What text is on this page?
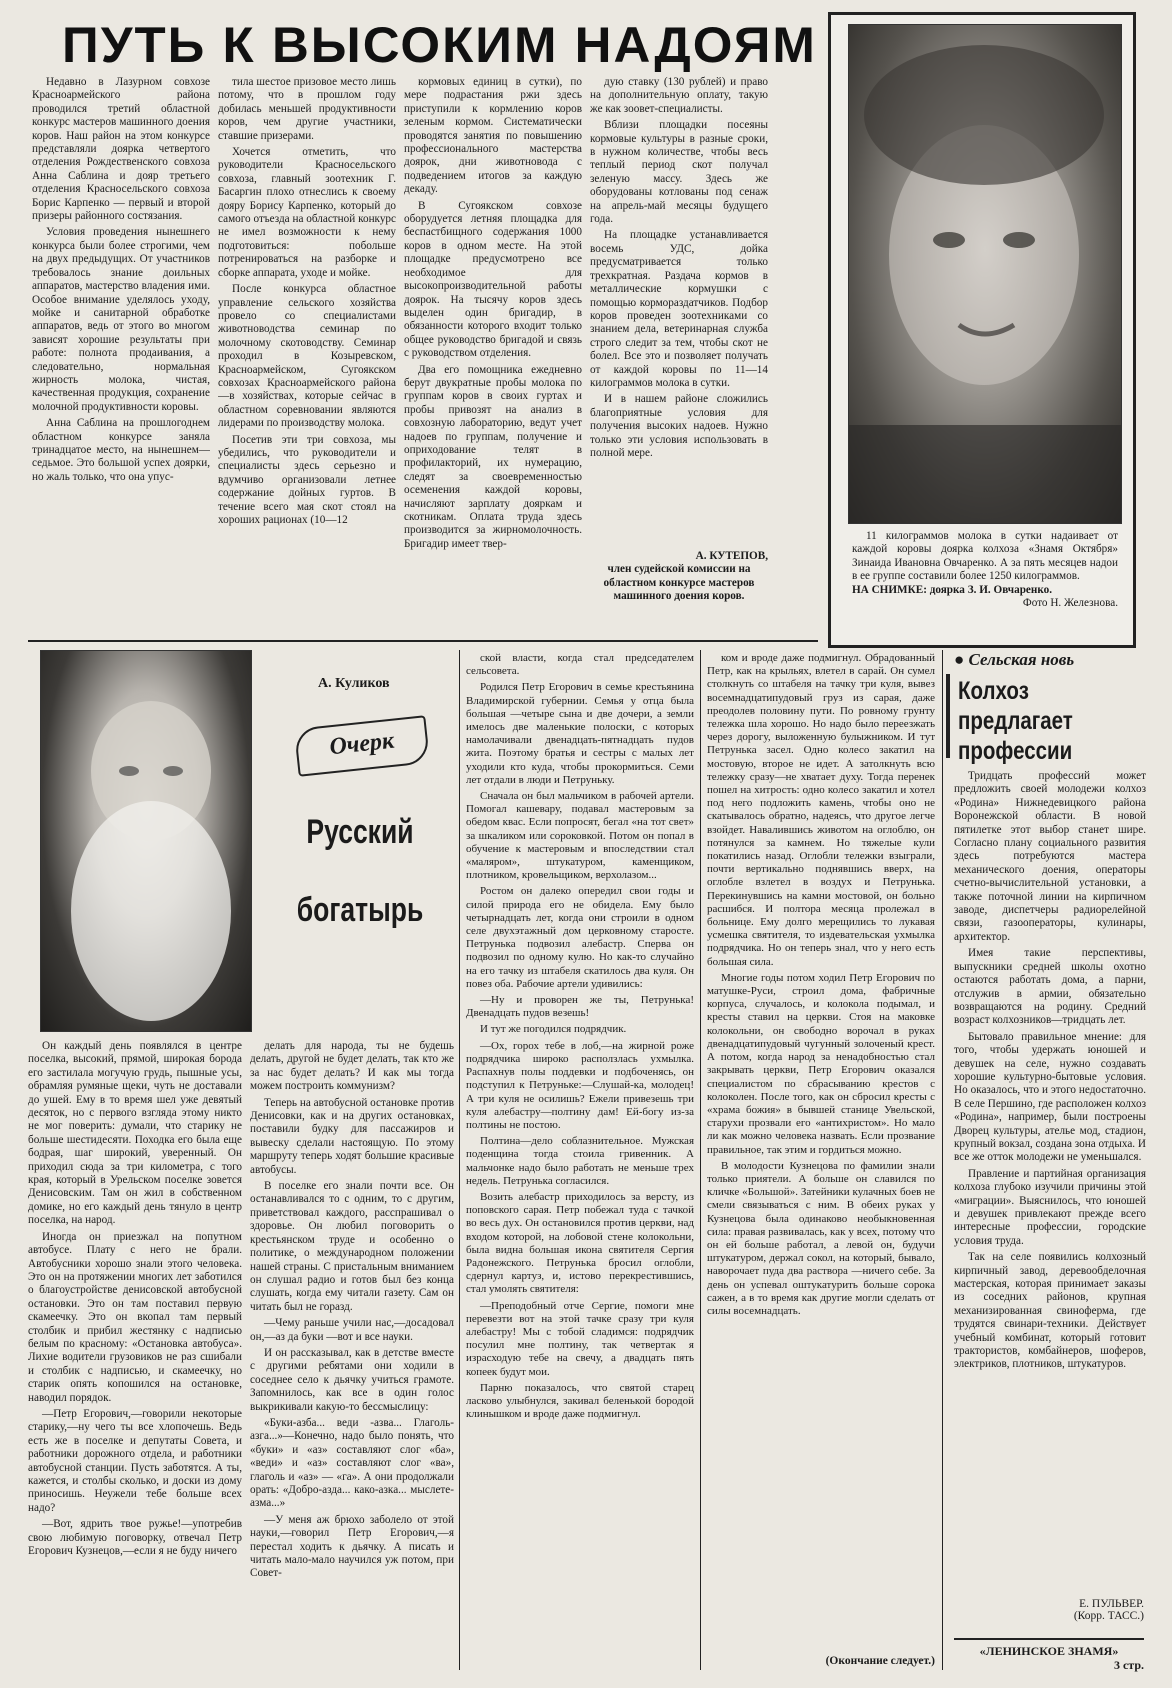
ПУТЬ К ВЫСОКИМ НАДОЯМ

Недавно в Лазурном совхозе Красноармейского района проводился третий областной конкурс мастеров машинного доения коров. Наш район на этом конкурсе представляли доярка четвертого отделения Рождественского совхоза Анна Саблина и дояр третьего отделения Красносельского совхоза Борис Карпенко — первый и второй призеры районного состязания.

Условия проведения нынешнего конкурса были более строгими, чем на двух предыдущих. От участников требовалось знание доильных аппаратов, мастерство владения ими. Особое внимание уделялось уходу, мойке и санитарной обработке аппаратов, ведь от этого во многом зависят хорошие результаты при работе: полнота продаивания, а следовательно, нормальная жирность молока, чистая, качественная продукция, сохранение молочной продуктивности коровы.

Анна Саблина на прошлогоднем областном конкурсе заняла тринадцатое место, на нынешнем—седьмое. Это большой успех доярки, но жаль только, что она упус-

тила шестое призовое место лишь потому, что в прошлом году добилась меньшей продуктивности коров, чем другие участники, ставшие призерами.

Хочется отметить, что руководители Красносельского совхоза, главный зоотехник Г. Басаргин плохо отнеслись к своему дояру Борису Карпенко, который до самого отъезда на областной конкурс не имел возможности к нему подготовиться: побольше потренироваться на разборке и сборке аппарата, уходе и мойке.

После конкурса областное управление сельского хозяйства провело со специалистами животноводства семинар по молочному скотоводству. Семинар проходил в Козыревском, Красноармейском, Сугоякском совхозах Красноармейского района—в хозяйствах, которые сейчас в областном соревновании являются лидерами по производству молока.

Посетив эти три совхоза, мы убедились, что руководители и специалисты здесь серьезно и вдумчиво организовали летнее содержание дойных гуртов. В течение всего мая скот стоял на хороших рационах (10—12

кормовых единиц в сутки), по мере подрастания ржи здесь приступили к кормлению коров зеленым кормом. Систематически проводятся занятия по повышению профессионального мастерства доярок, дни животновода с подведением итогов за каждую декаду.

В Сугоякском совхозе оборудуется летняя площадка для беспастбищного содержания 1000 коров в одном месте. На этой площадке предусмотрено все необходимое для высокопроизводительной работы доярок. На тысячу коров здесь выделен один бригадир, в обязанности которого входит только общее руководство бригадой и связь с руководством отделения.

Два его помощника ежедневно берут двукратные пробы молока по группам коров в своих гуртах и пробы привозят на анализ в совхозную лабораторию, ведут учет надоев по группам, получение и оприходование телят в профилакторий, их нумерацию, следят за своевременностью осеменения каждой коровы, начисляют зарплату дояркам и скотникам. Оплата труда здесь производится за жирномолочность. Бригадир имеет твер-

дую ставку (130 рублей) и право на дополнительную оплату, такую же как зоовет-специалисты.

Вблизи площадки посеяны кормовые культуры в разные сроки, в нужном количестве, чтобы весь теплый период скот получал зеленую массу. Здесь же оборудованы котлованы под сенаж на апрель-май месяцы будущего года.

На площадке устанавливается восемь УДС, дойка предусматривается только трехкратная. Раздача кормов в металлические кормушки с помощью кормораздатчиков. Подбор коров проведен зоотехниками со знанием дела, ветеринарная служба строго следит за тем, чтобы скот не болел. Все это и позволяет получать от каждой коровы по 11—14 килограммов молока в сутки.

И в нашем районе сложились благоприятные условия для получения высоких надоев. Нужно только эти условия использовать в полной мере.

А. КУТЕПОВ,
член судейской комиссии на областном конкурсе мастеров машинного доения коров.

11 килограммов молока в сутки надаивает от каждой коровы доярка колхоза «Знамя Октября» Зинаида Ивановна Овчаренко. А за пять месяцев надои в ее группе составили более 1250 килограммов.

НА СНИМКЕ: доярка З. И. Овчаренко.
Фото Н. Железнова.
А. Куликов
Очерк
Русский
богатырь

Он каждый день появлялся в центре поселка, высокий, прямой, широкая борода его застилала могучую грудь, пышные усы, обрамляя румяные щеки, чуть не доставали до ушей. Ему в то время шел уже девятый десяток, но с первого взгляда этому никто не мог поверить: думали, что старику не больше шестидесяти. Походка его была еще бодрая, шаг широкий, уверенный. Он приходил сюда за три километра, с того края, который в Урельском поселке зовется Денисовским. Там он жил в собственном домике, но его каждый день тянуло в центр поселка, на народ.

Иногда он приезжал на попутном автобусе. Плату с него не брали. Автобусники хорошо знали этого человека. Это он на протяжении многих лет заботился о благоустройстве денисовской автобусной остановки. Это он там поставил первую скамеечку. Это он вкопал там первый столбик и прибил жестянку с надписью белым по красному: «Остановка автобуса». Лихие водители грузовиков не раз сшибали и столбик с надписью, и скамеечку, но старик опять копошился на остановке, наводил порядок.

—Петр Егорович,—говорили некоторые старику,—ну чего ты все хлопочешь. Ведь есть же в поселке и депутаты Совета, и работники дорожного отдела, и работники автобусной станции. Пусть заботятся. А ты, кажется, и столбы сколько, и доски из дому приносишь. Неужели тебе больше всех надо?

—Вот, ядрить твое ружье!—употребив свою любимую поговорку, отвечал Петр Егорович Кузнецов,—если я не буду ничего

делать для народа, ты не будешь делать, другой не будет делать, так кто же за нас будет делать? И как мы тогда можем построить коммунизм?

Теперь на автобусной остановке против Денисовки, как и на других остановках, поставили будку для пассажиров и вывеску сделали настоящую. По этому маршруту теперь ходят большие красивые автобусы.

В поселке его знали почти все. Он останавливался то с одним, то с другим, приветствовал каждого, расспрашивал о здоровье. Он любил поговорить о крестьянском труде и особенно о политике, о международном положении нашей страны. С пристальным вниманием он слушал радио и готов был без конца слушать, когда ему читали газету. Сам он читать был не горазд.

—Чему раньше учили нас,—досадовал он,—аз да буки —вот и все науки.

И он рассказывал, как в детстве вместе с другими ребятами они ходили в соседнее село к дьячку учиться грамоте. Запомнилось, как все в один голос выкрикивали какую-то бессмыслицу:

«Буки-азба... веди -азва... Глаголь-азга...»—Конечно, надо было понять, что «буки» и «аз» составляют слог «ба», «веди» и «аз» составляют слог «ва», глаголь и «аз» — «га». А они продолжали орать: «Добро-азда... како-азка... мыслете-азма...»

—У меня аж брюхо заболело от этой науки,—говорил Петр Егорович,—я перестал ходить к дьячку. А писать и читать мало-мало научился уж потом, при Совет-

ской власти, когда стал председателем сельсовета.

Родился Петр Егорович в семье крестьянина Владимирской губернии. Семья у отца была большая —четыре сына и две дочери, а земли имелось две маленькие полоски, с которых намолачивали двенадцать-пятнадцать пудов жита. Поэтому братья и сестры с малых лет уходили кто куда, чтобы прокормиться. Семи лет отдали в люди и Петруньку.

Сначала он был мальчиком в рабочей артели. Помогал кашевару, подавал мастеровым за обедом квас. Если попросят, бегал «на тот свет» за шкаликом или сороковкой. Потом он попал в обучение к мастеровым и впоследствии стал «маляром», штукатуром, каменщиком, плотником, кровельщиком, верхолазом...

Ростом он далеко опередил свои годы и силой природа его не обидела. Ему было четырнадцать лет, когда они строили в одном селе двухэтажный дом церковному старосте. Петрунька подвозил алебастр. Сперва он подвозил по одному кулю. Но как-то случайно на его тачку из штабеля скатилось два куля. Он повез оба. Рабочие артели удивились:

—Ну и проворен же ты, Петрунька! Двенадцать пудов везешь!

И тут же погодился подрядчик.

—Ох, горох тебе в лоб,—на жирной роже подрядчика широко расползлась ухмылка. Распахнув полы поддевки и подбоченясь, он подступил к Петруньке:—Слушай-ка, молодец! А три куля не осилишь? Ежели привезешь три куля алебастру—полтину дам! Ей-богу из-за полтины не постою.

Полтина—дело соблазнительное. Мужская поденщина тогда стоила гривенник. А мальчонке надо было работать не меньше трех недель. Петрунька согласился.

Возить алебастр приходилось за версту, из поповского сарая. Петр побежал туда с тачкой во весь дух. Он остановился против церкви, над входом которой, на лобовой стене колокольни, была видна большая икона святителя Сергия Радонежского. Петрунька бросил оглобли, сдернул картуз, и, истово перекрестившись, стал умолять святителя:

—Преподобный отче Сергие, помоги мне перевезти вот на этой тачке сразу три куля алебастру! Мы с тобой сладимся: подрядчик посулил мне полтину, так четвертак я израсходую тебе на свечу, а двадцать пять копеек будут мои.

Парню показалось, что святой старец ласково улыбнулся, закивал беленькой бородой клинышком и вроде даже подмигнул.

ком и вроде даже подмигнул. Обрадованный Петр, как на крыльях, влетел в сарай. Он сумел столкнуть со штабеля на тачку три куля, вывез восемнадцатипудовый груз из сарая, даже преодолев половину пути. По ровному грунту тележка шла хорошо. Но надо было переезжать через дорогу, выложенную булыжником. И тут Петрунька засел. Одно колесо закатил на мостовую, второе не идет. А затолкнуть всю тележку сразу—не хватает духу. Тогда перенек пошел на хитрость: одно колесо закатил и хотел под него подложить камень, чтобы оно не скатывалось обратно, надеясь, что другое легче взойдет. Навалившись животом на оглоблю, он потянулся за камнем. Но тяжелые кули покатились назад. Оглобли тележки взыграли, почти вертикально поднявшись вверх, на оглобле взлетел в воздух и Петрунька. Перекинувшись на камни мостовой, он больно расшибся. И полтора месяца пролежал в больнице. Ему долго мерещились то лукавая усмешка святителя, то издевательская ухмылка подрядчика. Но он теперь знал, что у него есть большая сила.

Многие годы потом ходил Петр Егорович по матушке-Руси, строил дома, фабричные корпуса, случалось, и колокола подымал, и кресты ставил на церкви. Стоя на маковке колокольни, он свободно ворочал в руках двенадцатипудовый чугунный золоченый крест. А потом, когда народ за ненадобностью стал закрывать церкви, Петр Егорович оказался специалистом по сбрасыванию крестов с колоколен. После того, как он сбросил кресты с «храма божия» в бывшей станице Увельской, старухи прозвали его «антихристом». Но мало ли как можно человека назвать. Если прозвание правильное, так этим и гордиться можно.

В молодости Кузнецова по фамилии знали только приятели. А больше он славился по кличке «Большой». Затейники кулачных боев не смели связываться с ним. В обеих руках у Кузнецова была одинаково необыкновенная сила: правая развивалась, как у всех, потому что он ей больше работал, а левой он, будучи штукатуром, держал сокол, на который, бывало, наворочает пуда два раствора —ничего себе. За день он успевал оштукатурить больше сорока сажен, а в то время как другие могли сделать от силы восемнадцать.

(Окончание следует.)
● Сельская новь
Колхоз
предлагает
профессии

Тридцать профессий может предложить своей молодежи колхоз «Родина» Нижнедевицкого района Воронежской области. В новой пятилетке этот выбор станет шире. Согласно плану социального развития здесь потребуются мастера механического доения, операторы счетно-вычислительной установки, а также поточной линии на кирпичном заводе, диспетчеры радиорелейной связи, газооператоры, кулинары, архитектор.

Имея такие перспективы, выпускники средней школы охотно остаются работать дома, а парни, отслужив в армии, обязательно возвращаются на родину. Средний возраст колхозников—тридцать лет.

Бытовало правильное мнение: для того, чтобы удержать юношей и девушек на селе, нужно создавать хорошие культурно-бытовые условия. Но оказалось, что и этого недостаточно. В селе Першино, где расположен колхоз «Родина», например, были построены Дворец культуры, ательe мод, стадион, крупный вокзал, создана зона отдыха. И все же отток молодежи не уменьшался.

Правление и партийная организация колхоза глубоко изучили причины этой «миграции». Выяснилось, что юношей и девушек привлекают прежде всего интересные профессии, городские условия труда.

Так на селе появились колхозный кирпичный завод, деревообделочная мастерская, которая принимает заказы из соседних районов, крупная механизированная свиноферма, где трудятся свинари-техники. Действует учебный комбинат, который готовит трактористов, комбайнеров, шоферов, электриков, плотников, штукатуров.

Е. ПУЛЬВЕР.
(Корр. ТАСС.)
«ЛЕНИНСКОЕ ЗНАМЯ»
3 стр.
